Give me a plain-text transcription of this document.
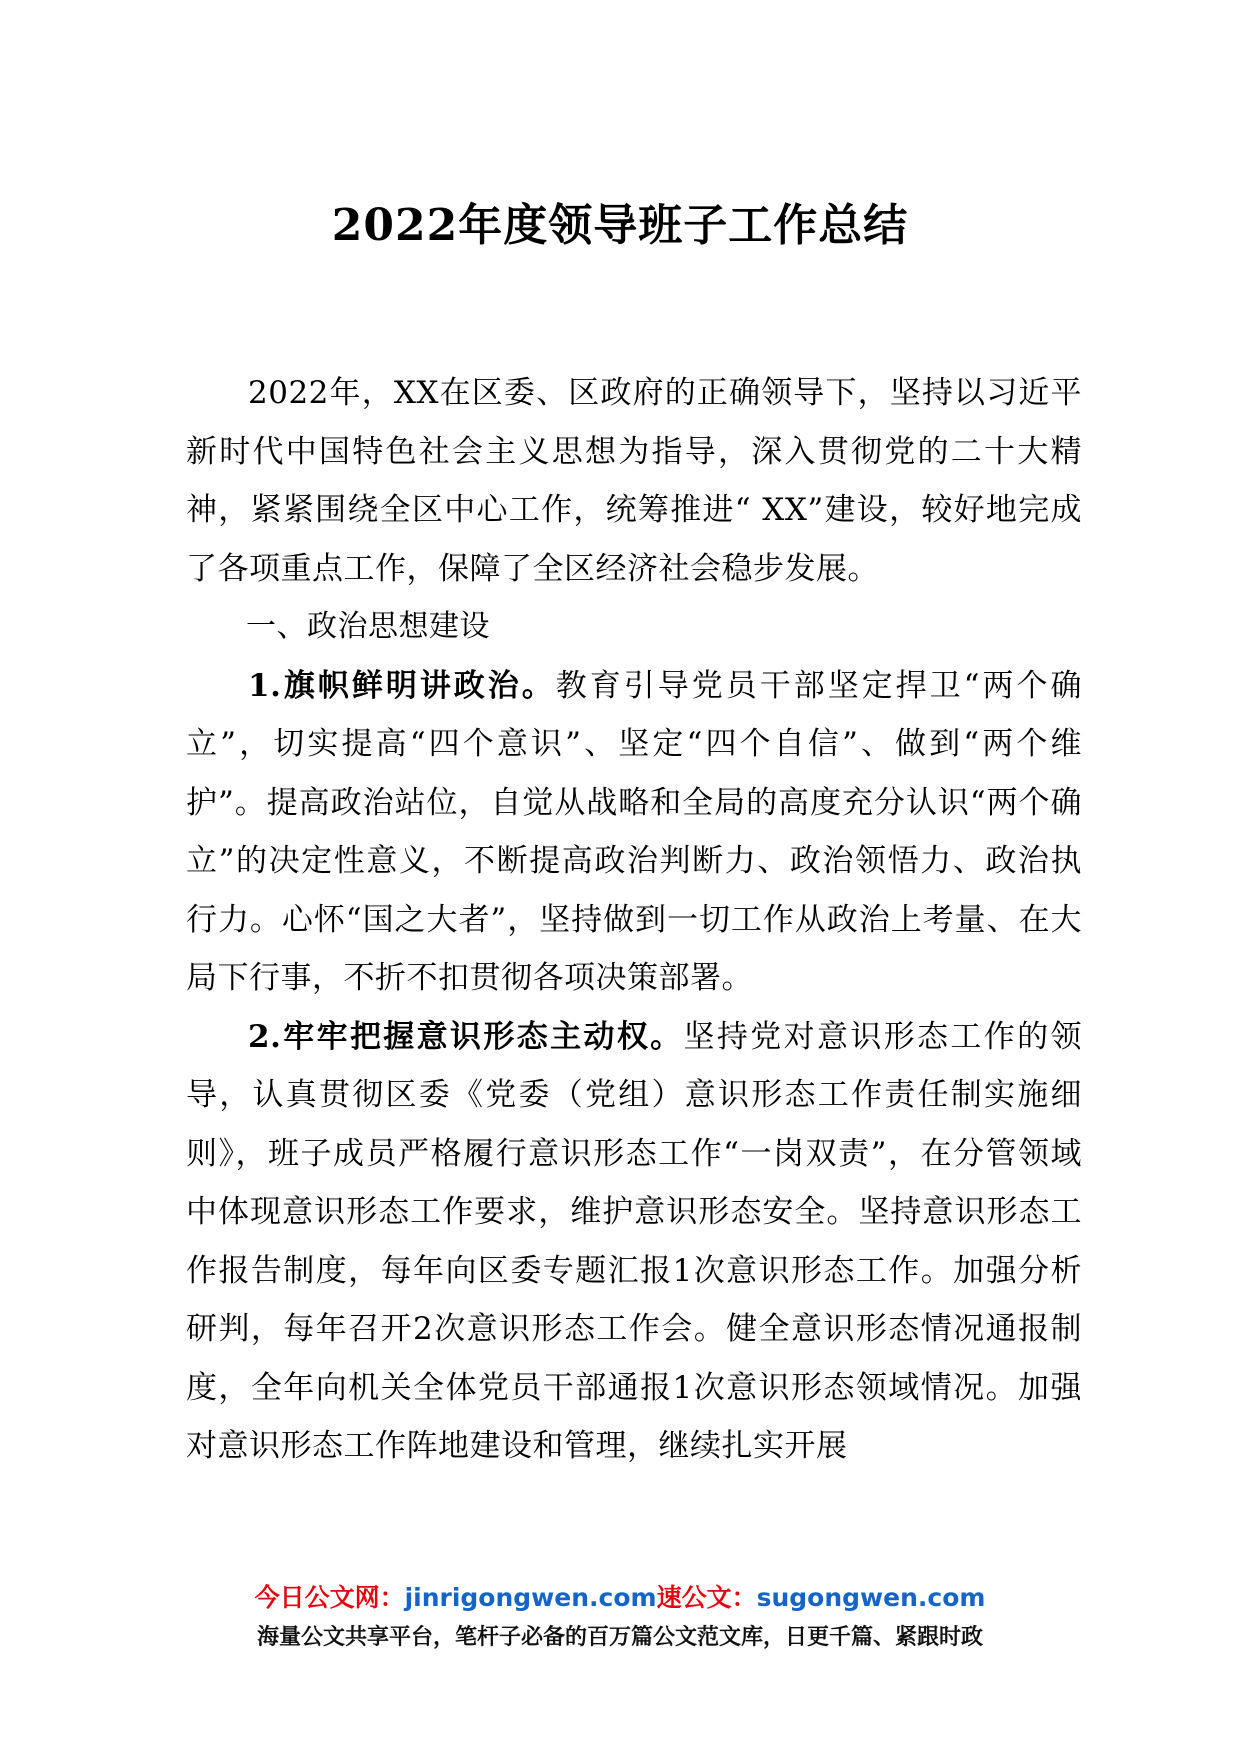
2022年度领导班子工作总结

2022年，XX在区委、区政府的正确领导下，坚持以习近平新时代中国特色社会主义思想为指导，深入贯彻党的二十大精神，紧紧围绕全区中心工作，统筹推进“ XX”建设，较好地完成了各项重点工作，保障了全区经济社会稳步发展。

一、政治思想建设

1.旗帜鲜明讲政治。教育引导党员干部坚定捍卫“两个确立”，切实提高“四个意识”、坚定“四个自信”、做到“两个维护”。提高政治站位，自觉从战略和全局的高度充分认识“两个确立”的决定性意义，不断提高政治判断力、政治领悟力、政治执行力。心怀“国之大者”，坚持做到一切工作从政治上考量、在大局下行事，不折不扣贯彻各项决策部署。

2.牢牢把握意识形态主动权。坚持党对意识形态工作的领导，认真贯彻区委《党委（党组）意识形态工作责任制实施细则》，班子成员严格履行意识形态工作“一岗双责”，在分管领域中体现意识形态工作要求，维护意识形态安全。坚持意识形态工作报告制度，每年向区委专题汇报1次意识形态工作。加强分析研判，每年召开2次意识形态工作会。健全意识形态情况通报制度，全年向机关全体党员干部通报1次意识形态领域情况。加强对意识形态工作阵地建设和管理，继续扎实开展

今日公文网：jinrigongwen.com速公文：sugongwen.com
海量公文共享平台，笔杆子必备的百万篇公文范文库，日更千篇、紧跟时政
